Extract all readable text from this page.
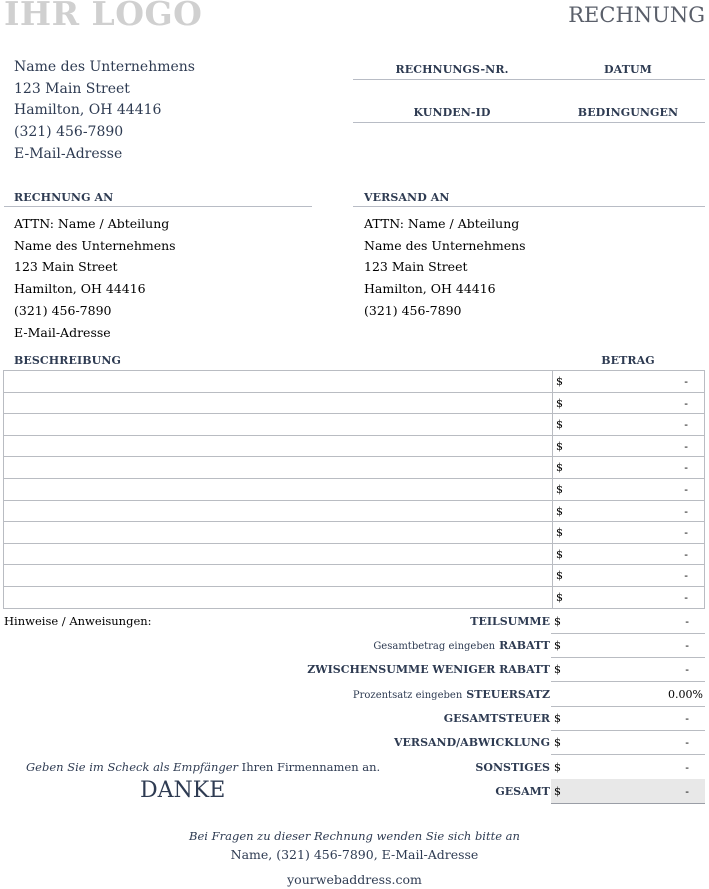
IHR LOGO	RECHNUNG
Name des Unternehmens
123 Main Street
Hamilton, OH 44416
(321) 456-7890
E-Mail-Adresse
RECHNUNGS-NR.	DATUM
KUNDEN-ID	BEDINGUNGEN
RECHNUNG AN
ATTN: Name / Abteilung
Name des Unternehmens
123 Main Street
Hamilton, OH 44416
(321) 456-7890
E-Mail-Adresse
VERSAND AN
ATTN: Name / Abteilung
Name des Unternehmens
123 Main Street
Hamilton, OH 44416
(321) 456-7890
BESCHREIBUNG	BETRAG

	$ -

	$ -

	$ -

	$ -

	$ -

	$ -

	$ -

	$ -

	$ -

	$ -

	$ -
Hinweise / Anweisungen:	TEILSUMME $	-
Gesamtbetrag eingeben RABATT $	-
ZWISCHENSUMME WENIGER RABATT $	-
Prozentsatz eingeben STEUERSATZ	0.00%
GESAMTSTEUER $	-
VERSAND/ABWICKLUNG $	-
SONSTIGES $	-
GESAMT $	-
Geben Sie im Scheck als Empfänger Ihren Firmennamen an.
DANKE
Bei Fragen zu dieser Rechnung wenden Sie sich bitte an
Name, (321) 456-7890, E-Mail-Adresse
yourwebaddress.com
